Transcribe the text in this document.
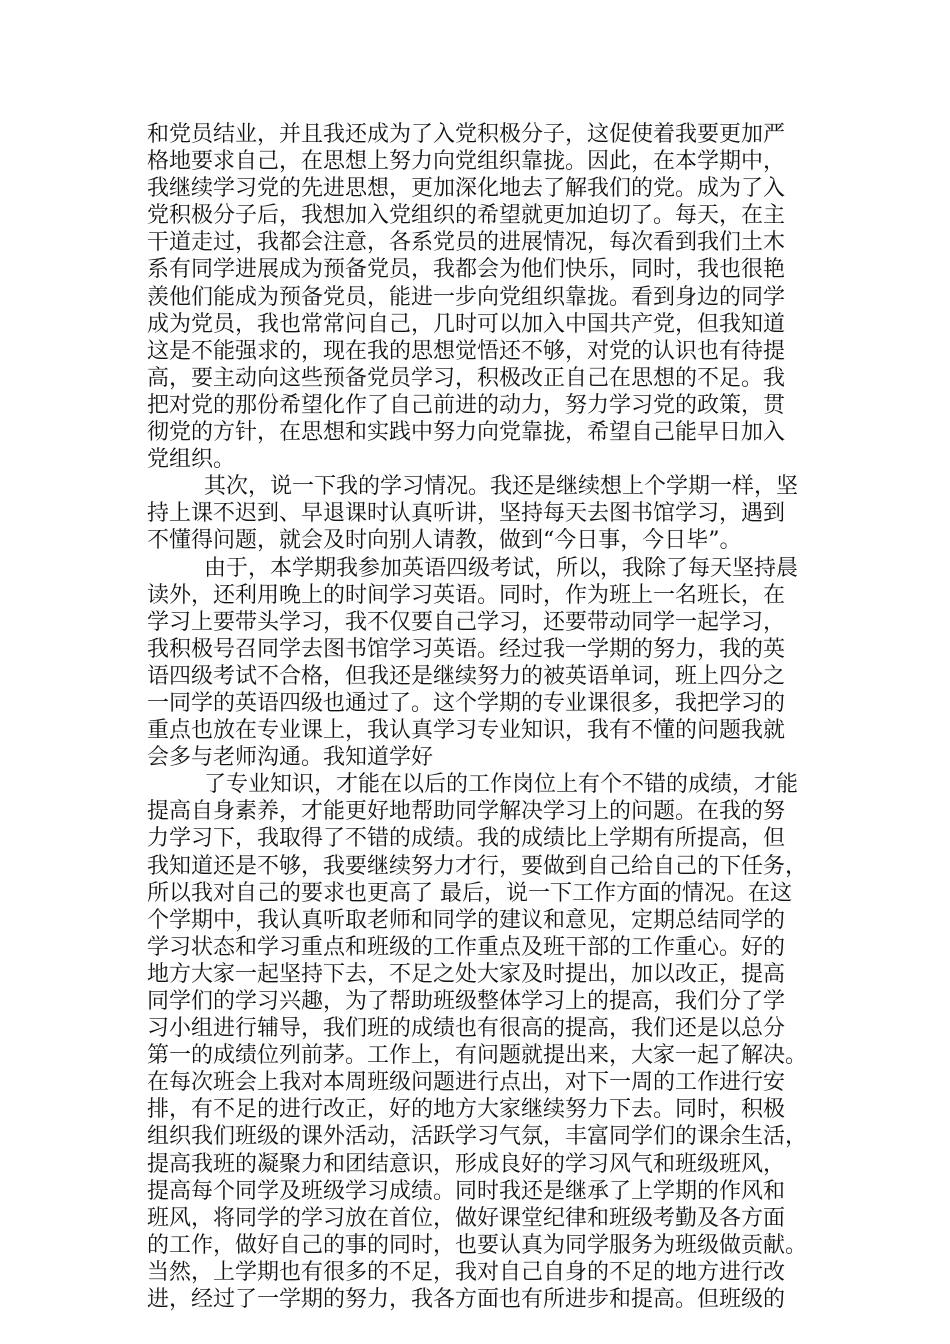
和党员结业，并且我还成为了入党积极分子，这促使着我要更加严
格地要求自己，在思想上努力向党组织靠拢。因此，在本学期中，
我继续学习党的先进思想，更加深化地去了解我们的党。成为了入
党积极分子后，我想加入党组织的希望就更加迫切了。每天，在主
干道走过，我都会注意，各系党员的进展情况，每次看到我们土木
系有同学进展成为预备党员，我都会为他们快乐，同时，我也很艳
羡他们能成为预备党员，能进一步向党组织靠拢。看到身边的同学
成为党员，我也常常问自己，几时可以加入中国共产党，但我知道
这是不能强求的，现在我的思想觉悟还不够，对党的认识也有待提
高，要主动向这些预备党员学习，积极改正自己在思想的不足。我
把对党的那份希望化作了自己前进的动力，努力学习党的政策，贯
彻党的方针，在思想和实践中努力向党靠拢，希望自己能早日加入
党组织。
其次，说一下我的学习情况。我还是继续想上个学期一样，坚
持上课不迟到、早退课时认真听讲，坚持每天去图书馆学习，遇到
不懂得问题，就会及时向别人请教，做到“今日事，今日毕”。
由于，本学期我参加英语四级考试，所以，我除了每天坚持晨
读外，还利用晚上的时间学习英语。同时，作为班上一名班长，在
学习上要带头学习，我不仅要自己学习，还要带动同学一起学习，
我积极号召同学去图书馆学习英语。经过我一学期的努力，我的英
语四级考试不合格，但我还是继续努力的被英语单词，班上四分之
一同学的英语四级也通过了。这个学期的专业课很多，我把学习的
重点也放在专业课上，我认真学习专业知识，我有不懂的问题我就
会多与老师沟通。我知道学好
了专业知识，才能在以后的工作岗位上有个不错的成绩，才能
提高自身素养，才能更好地帮助同学解决学习上的问题。在我的努
力学习下，我取得了不错的成绩。我的成绩比上学期有所提高，但
我知道还是不够，我要继续努力才行，要做到自己给自己的下任务，
所以我对自己的要求也更高了 最后，说一下工作方面的情况。在这
个学期中，我认真听取老师和同学的建议和意见，定期总结同学的
学习状态和学习重点和班级的工作重点及班干部的工作重心。好的
地方大家一起坚持下去，不足之处大家及时提出，加以改正，提高
同学们的学习兴趣，为了帮助班级整体学习上的提高，我们分了学
习小组进行辅导，我们班的成绩也有很高的提高，我们还是以总分
第一的成绩位列前茅。工作上，有问题就提出来，大家一起了解决。
在每次班会上我对本周班级问题进行点出，对下一周的工作进行安
排，有不足的进行改正，好的地方大家继续努力下去。同时，积极
组织我们班级的课外活动，活跃学习气氛，丰富同学们的课余生活，
提高我班的凝聚力和团结意识，形成良好的学习风气和班级班风，
提高每个同学及班级学习成绩。同时我还是继承了上学期的作风和
班风，将同学的学习放在首位，做好课堂纪律和班级考勤及各方面
的工作，做好自己的事的同时，也要认真为同学服务为班级做贡献。
当然，上学期也有很多的不足，我对自己自身的不足的地方进行改
进，经过了一学期的努力，我各方面也有所进步和提高。但班级的
